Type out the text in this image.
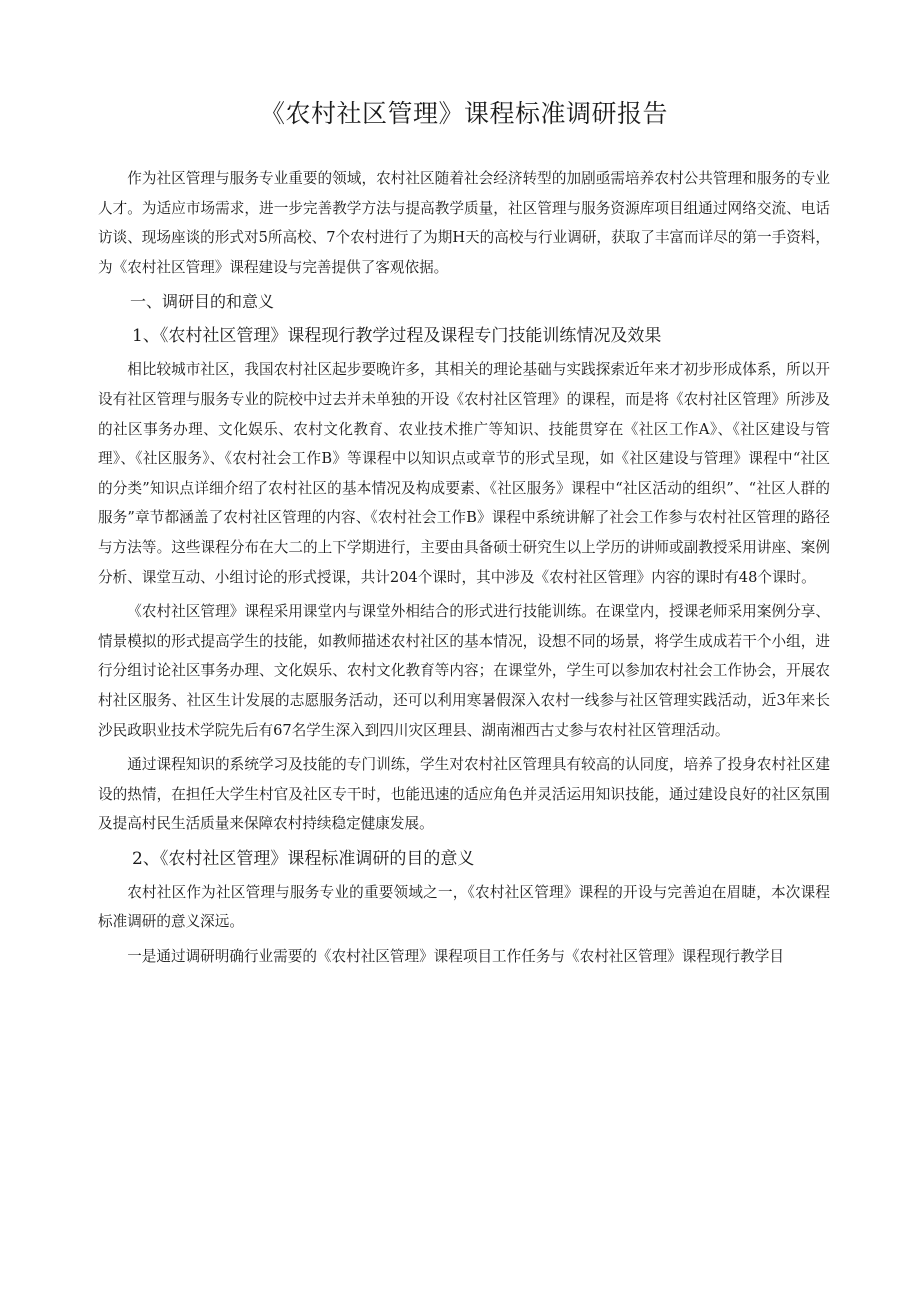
《农村社区管理》课程标准调研报告

作为社区管理与服务专业重要的领域，农村社区随着社会经济转型的加剧亟需培养农村公共管理和服务的专业人才。为适应市场需求，进一步完善教学方法与提高教学质量，社区管理与服务资源库项目组通过网络交流、电话访谈、现场座谈的形式对5所高校、7个农村进行了为期H天的高校与行业调研，获取了丰富而详尽的第一手资料，为《农村社区管理》课程建设与完善提供了客观依据。

一、调研目的和意义
1、《农村社区管理》课程现行教学过程及课程专门技能训练情况及效果

相比较城市社区，我国农村社区起步要晚许多，其相关的理论基础与实践探索近年来才初步形成体系，所以开设有社区管理与服务专业的院校中过去并未单独的开设《农村社区管理》的课程，而是将《农村社区管理》所涉及的社区事务办理、文化娱乐、农村文化教育、农业技术推广等知识、技能贯穿在《社区工作A》、《社区建设与管理》、《社区服务》、《农村社会工作B》等课程中以知识点或章节的形式呈现，如《社区建设与管理》课程中“社区的分类”知识点详细介绍了农村社区的基本情况及构成要素、《社区服务》课程中“社区活动的组织”、“社区人群的服务”章节都涵盖了农村社区管理的内容、《农村社会工作B》课程中系统讲解了社会工作参与农村社区管理的路径与方法等。这些课程分布在大二的上下学期进行，主要由具备硕士研究生以上学历的讲师或副教授采用讲座、案例分析、课堂互动、小组讨论的形式授课，共计204个课时，其中涉及《农村社区管理》内容的课时有48个课时。

《农村社区管理》课程采用课堂内与课堂外相结合的形式进行技能训练。在课堂内，授课老师采用案例分享、情景模拟的形式提高学生的技能，如教师描述农村社区的基本情况，设想不同的场景，将学生成成若干个小组，进行分组讨论社区事务办理、文化娱乐、农村文化教育等内容；在课堂外，学生可以参加农村社会工作协会，开展农村社区服务、社区生计发展的志愿服务活动，还可以利用寒暑假深入农村一线参与社区管理实践活动，近3年来长沙民政职业技术学院先后有67名学生深入到四川灾区理县、湖南湘西古丈参与农村社区管理活动。

通过课程知识的系统学习及技能的专门训练，学生对农村社区管理具有较高的认同度，培养了投身农村社区建设的热情，在担任大学生村官及社区专干时，也能迅速的适应角色并灵活运用知识技能，通过建设良好的社区氛围及提高村民生活质量来保障农村持续稳定健康发展。

2、《农村社区管理》课程标准调研的目的意义

农村社区作为社区管理与服务专业的重要领域之一，《农村社区管理》课程的开设与完善迫在眉睫，本次课程标准调研的意义深远。

一是通过调研明确行业需要的《农村社区管理》课程项目工作任务与《农村社区管理》课程现行教学目
